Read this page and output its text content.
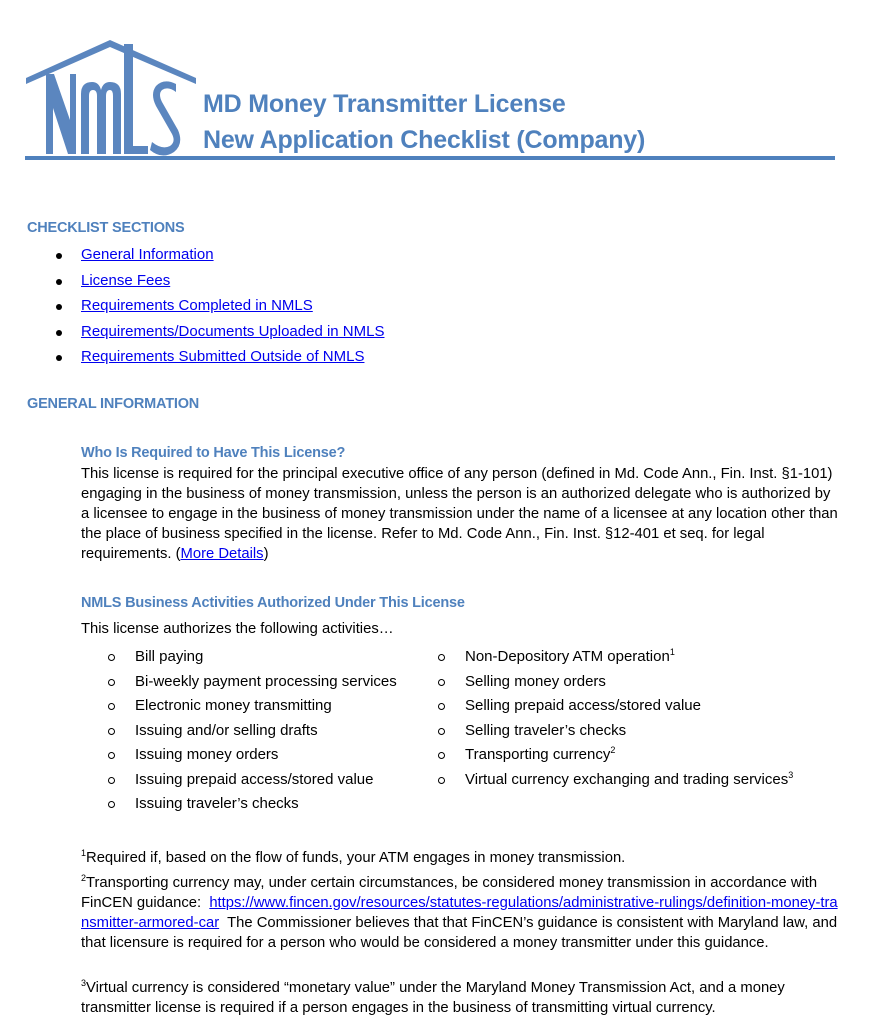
MD Money Transmitter License
New Application Checklist (Company)
CHECKLIST SECTIONS
General Information
License Fees
Requirements Completed in NMLS
Requirements/Documents Uploaded in NMLS
Requirements Submitted Outside of NMLS
GENERAL INFORMATION
Who Is Required to Have This License?
This license is required for the principal executive office of any person (defined in Md. Code Ann., Fin. Inst. §1-101) engaging in the business of money transmission, unless the person is an authorized delegate who is authorized by a licensee to engage in the business of money transmission under the name of a licensee at any location other than the place of business specified in the license. Refer to Md. Code Ann., Fin. Inst. §12-401 et seq. for legal requirements. (More Details)
NMLS Business Activities Authorized Under This License
This license authorizes the following activities…
Bill paying
Bi-weekly payment processing services
Electronic money transmitting
Issuing and/or selling drafts
Issuing money orders
Issuing prepaid access/stored value
Issuing traveler’s checks
Non-Depository ATM operation$^1$
Selling money orders
Selling prepaid access/stored value
Selling traveler’s checks
Transporting currency$^2$
Virtual currency exchanging and trading services$^3$
$^1$Required if, based on the flow of funds, your ATM engages in money transmission.
$^2$Transporting currency may, under certain circumstances, be considered money transmission in accordance with FinCEN guidance:  https://www.fincen.gov/resources/statutes-regulations/administrative-rulings/definition-money-transmitter-armored-car  The Commissioner believes that that FinCEN’s guidance is consistent with Maryland law, and that licensure is required for a person who would be considered a money transmitter under this guidance.
$^3$Virtual currency is considered “monetary value” under the Maryland Money Transmission Act, and a money transmitter license is required if a person engages in the business of transmitting virtual currency.
